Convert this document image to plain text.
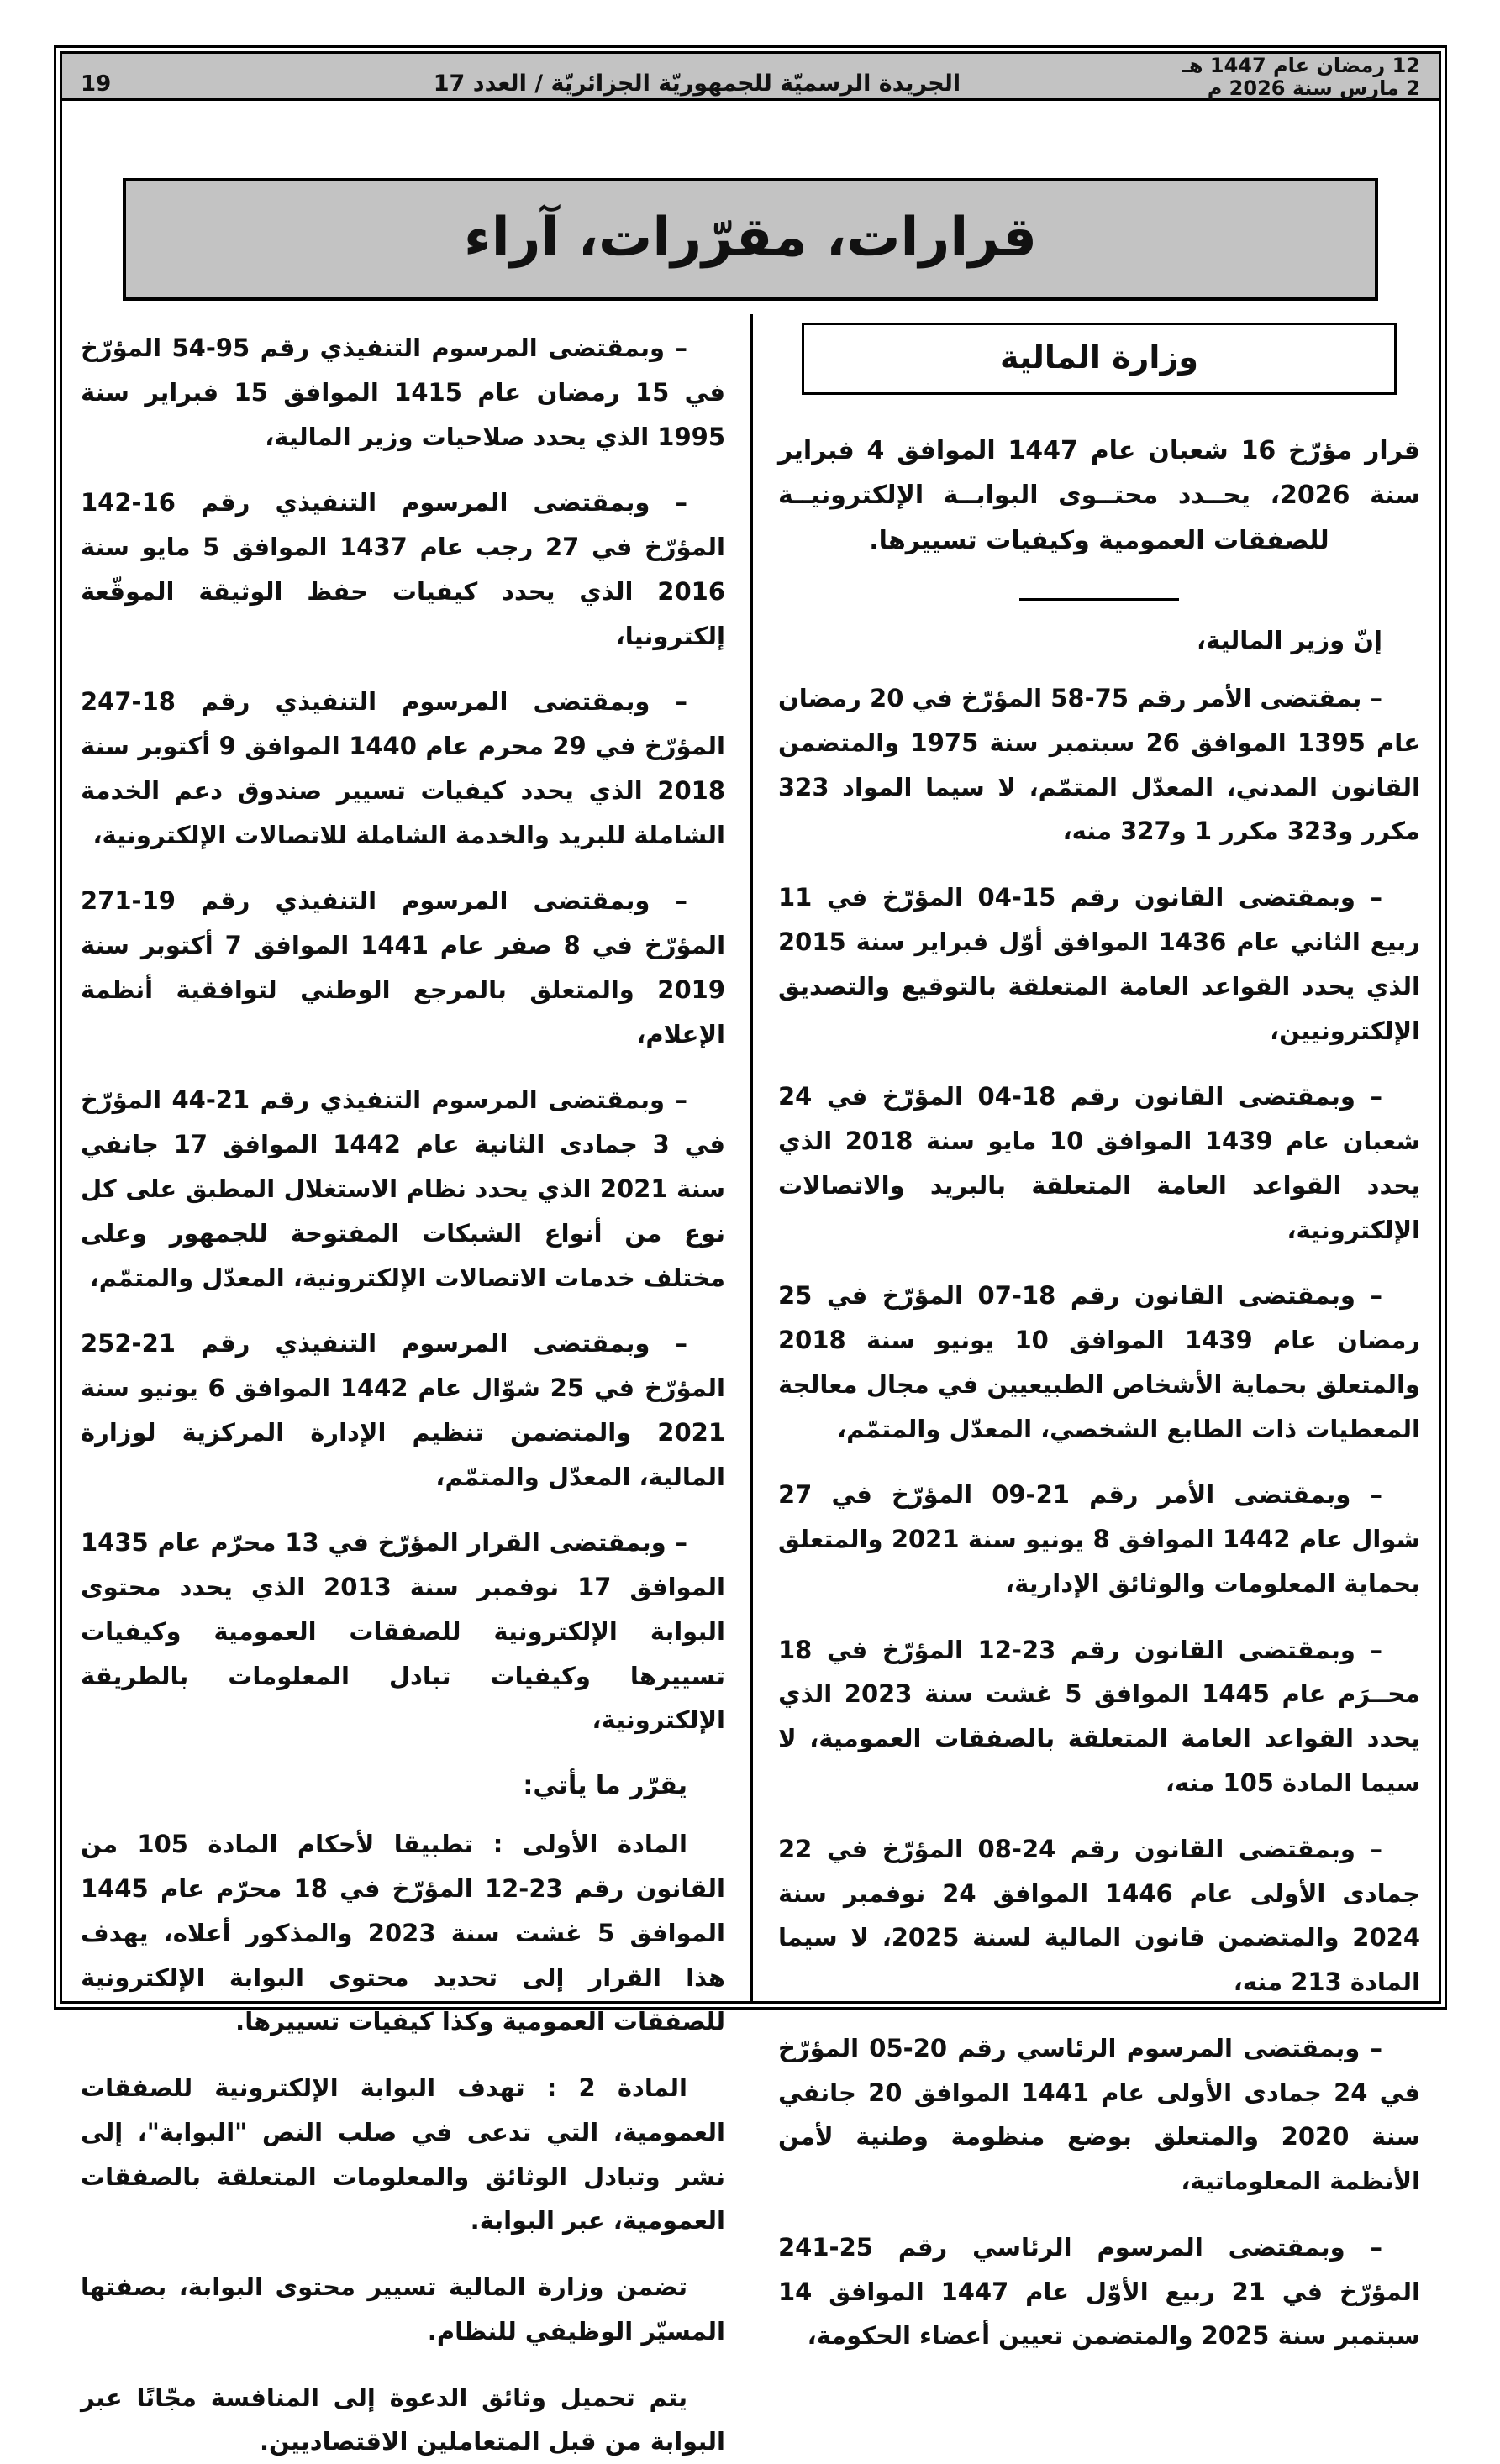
19	الجريدة الرسميّة للجمهوريّة الجزائريّة / العدد 17
12 رمضان عام 1447 هـ
2 مارس سنة 2026 م
قرارات، مقرّرات، آراء
وزارة المالية
قرار مؤرّخ 16 شعبان عام 1447 الموافق 4 فبراير سنة 2026، يحــدد محتــوى البوابــة الإلكترونيــة للصفقات العمومية وكيفيات تسييرها.
إنّ وزير المالية،

– بمقتضى الأمر رقم 75-58 المؤرّخ في 20 رمضان عام 1395 الموافق 26 سبتمبر سنة 1975 والمتضمن القانون المدني، المعدّل المتمّم، لا سيما المواد 323 مكرر و323 مكرر 1 و327 منه،

– وبمقتضى القانون رقم 15-04 المؤرّخ في 11 ربيع الثاني عام 1436 الموافق أوّل فبراير سنة 2015 الذي يحدد القواعد العامة المتعلقة بالتوقيع والتصديق الإلكترونيين،

– وبمقتضى القانون رقم 18-04 المؤرّخ في 24 شعبان عام 1439 الموافق 10 مايو سنة 2018 الذي يحدد القواعد العامة المتعلقة بالبريد والاتصالات الإلكترونية،

– وبمقتضى القانون رقم 18-07 المؤرّخ في 25 رمضان عام 1439 الموافق 10 يونيو سنة 2018 والمتعلق بحماية الأشخاص الطبيعيين في مجال معالجة المعطيات ذات الطابع الشخصي، المعدّل والمتمّم،

– وبمقتضى الأمر رقم 21-09 المؤرّخ في 27 شوال عام 1442 الموافق 8 يونيو سنة 2021 والمتعلق بحماية المعلومات والوثائق الإدارية،

– وبمقتضى القانون رقم 23-12 المؤرّخ في 18 محــرَم عام 1445 الموافق 5 غشت سنة 2023 الذي يحدد القواعد العامة المتعلقة بالصفقات العمومية، لا سيما المادة 105 منه،

– وبمقتضى القانون رقم 24-08 المؤرّخ في 22 جمادى الأولى عام 1446 الموافق 24 نوفمبر سنة 2024 والمتضمن قانون المالية لسنة 2025، لا سيما المادة 213 منه،

– وبمقتضى المرسوم الرئاسي رقم 20-05 المؤرّخ في 24 جمادى الأولى عام 1441 الموافق 20 جانفي سنة 2020 والمتعلق بوضع منظومة وطنية لأمن الأنظمة المعلوماتية،

– وبمقتضى المرسوم الرئاسي رقم 25-241 المؤرّخ في 21 ربيع الأوّل عام 1447 الموافق 14 سبتمبر سنة 2025 والمتضمن تعيين أعضاء الحكومة،

– وبمقتضى المرسوم التنفيذي رقم 95-54 المؤرّخ في 15 رمضان عام 1415 الموافق 15 فبراير سنة 1995 الذي يحدد صلاحيات وزير المالية،

– وبمقتضى المرسوم التنفيذي رقم 16-142 المؤرّخ في 27 رجب عام 1437 الموافق 5 مايو سنة 2016 الذي يحدد كيفيات حفظ الوثيقة الموقّعة إلكترونيا،

– وبمقتضى المرسوم التنفيذي رقم 18-247 المؤرّخ في 29 محرم عام 1440 الموافق 9 أكتوبر سنة 2018 الذي يحدد كيفيات تسيير صندوق دعم الخدمة الشاملة للبريد والخدمة الشاملة للاتصالات الإلكترونية،

– وبمقتضى المرسوم التنفيذي رقم 19-271 المؤرّخ في 8 صفر عام 1441 الموافق 7 أكتوبر سنة 2019 والمتعلق بالمرجع الوطني لتوافقية أنظمة الإعلام،

– وبمقتضى المرسوم التنفيذي رقم 21-44 المؤرّخ في 3 جمادى الثانية عام 1442 الموافق 17 جانفي سنة 2021 الذي يحدد نظام الاستغلال المطبق على كل نوع من أنواع الشبكات المفتوحة للجمهور وعلى مختلف خدمات الاتصالات الإلكترونية، المعدّل والمتمّم،

– وبمقتضى المرسوم التنفيذي رقم 21-252 المؤرّخ في 25 شوّال عام 1442 الموافق 6 يونيو سنة 2021 والمتضمن تنظيم الإدارة المركزية لوزارة المالية، المعدّل والمتمّم،

– وبمقتضى القرار المؤرّخ في 13 محرّم عام 1435 الموافق 17 نوفمبر سنة 2013 الذي يحدد محتوى البوابة الإلكترونية للصفقات العمومية وكيفيات تسييرها وكيفيات تبادل المعلومات بالطريقة الإلكترونية،

يقرّر ما يأتي:

المادة الأولى : تطبيقا لأحكام المادة 105 من القانون رقم 23-12 المؤرّخ في 18 محرّم عام 1445 الموافق 5 غشت سنة 2023 والمذكور أعلاه، يهدف هذا القرار إلى تحديد محتوى البوابة الإلكترونية للصفقات العمومية وكذا كيفيات تسييرها.

المادة 2 : تهدف البوابة الإلكترونية للصفقات العمومية، التي تدعى في صلب النص "البوابة"، إلى نشر وتبادل الوثائق والمعلومات المتعلقة بالصفقات العمومية، عبر البوابة.

تضمن وزارة المالية تسيير محتوى البوابة، بصفتها المسيّر الوظيفي للنظام.

يتم تحميل وثائق الدعوة إلى المنافسة مجّانًا عبر البوابة من قبل المتعاملين الاقتصاديين.
